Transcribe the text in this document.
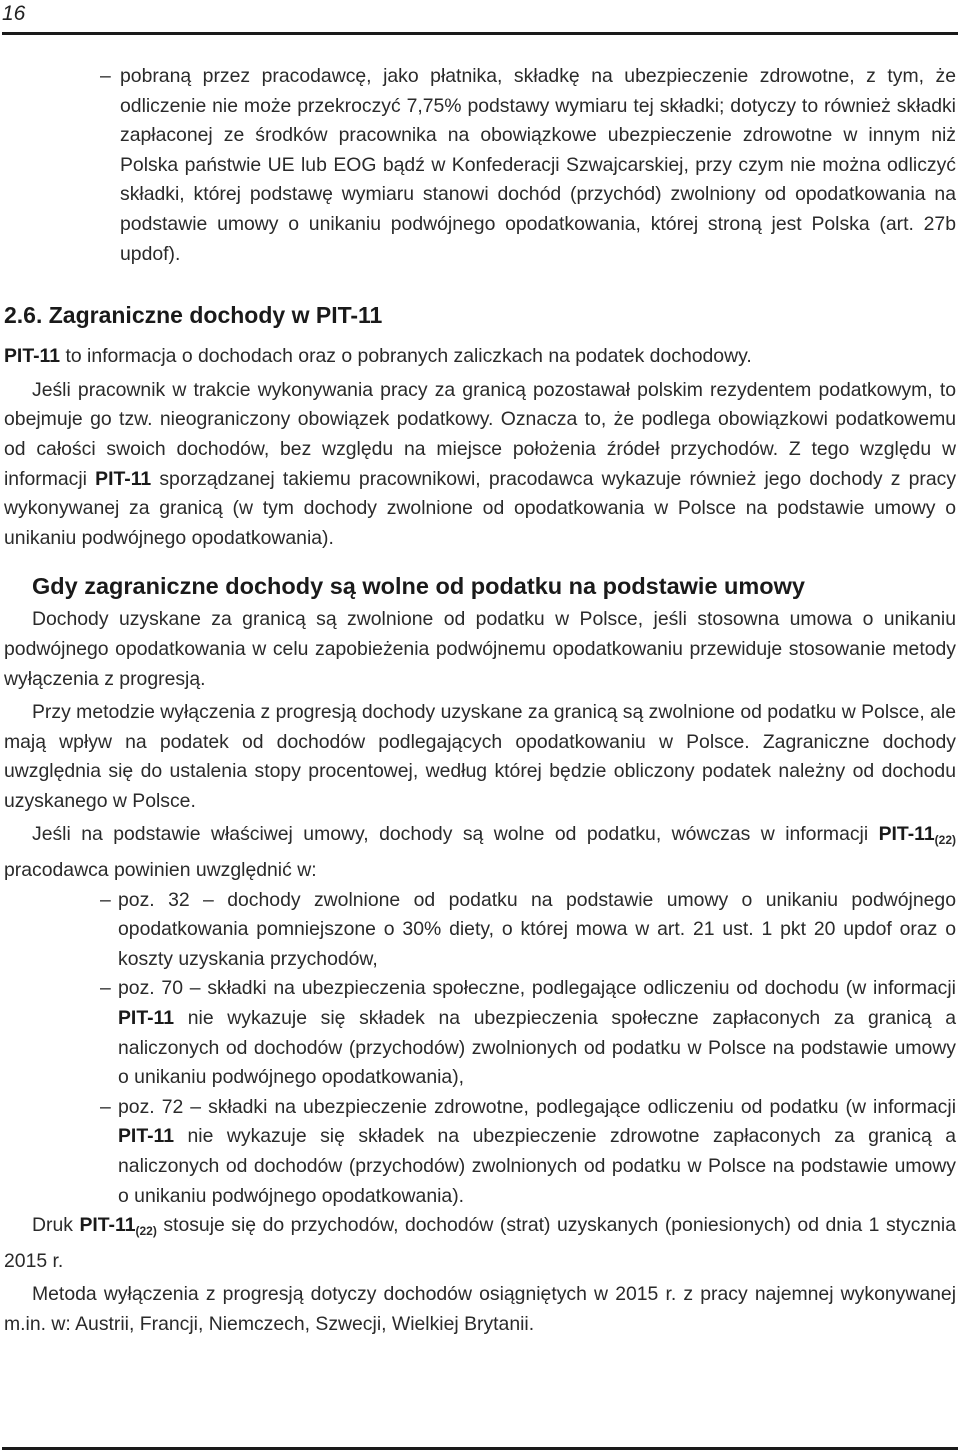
16

– pobraną przez pracodawcę, jako płatnika, składkę na ubezpieczenie zdrowotne, z tym, że odliczenie nie może przekroczyć 7,75% podstawy wymiaru tej składki; dotyczy to również składki zapłaconej ze środków pracownika na obowiązkowe ubezpieczenie zdrowotne w innym niż Polska państwie UE lub EOG bądź w Konfederacji Szwajcarskiej, przy czym nie można odliczyć składki, której podstawę wymiaru stanowi dochód (przychód) zwolniony od opodatkowania na podstawie umowy o unikaniu podwójnego opodatkowania, której stroną jest Polska (art. 27b updof).

2.6. Zagraniczne dochody w PIT-11

PIT-11 to informacja o dochodach oraz o pobranych zaliczkach na podatek dochodowy.

Jeśli pracownik w trakcie wykonywania pracy za granicą pozostawał polskim rezydentem podatkowym, to obejmuje go tzw. nieograniczony obowiązek podatkowy. Oznacza to, że podlega obowiązkowi podatkowemu od całości swoich dochodów, bez względu na miejsce położenia źródeł przychodów. Z tego względu w informacji PIT-11 sporządzanej takiemu pracownikowi, pracodawca wykazuje również jego dochody z pracy wykonywanej za granicą (w tym dochody zwolnione od opodatkowania w Polsce na podstawie umowy o unikaniu podwójnego opodatkowania).

Gdy zagraniczne dochody są wolne od podatku na podstawie umowy

Dochody uzyskane za granicą są zwolnione od podatku w Polsce, jeśli stosowna umowa o unikaniu podwójnego opodatkowania w celu zapobieżenia podwójnemu opodatkowaniu przewiduje stosowanie metody wyłączenia z progresją.

Przy metodzie wyłączenia z progresją dochody uzyskane za granicą są zwolnione od podatku w Polsce, ale mają wpływ na podatek od dochodów podlegających opodatkowaniu w Polsce. Zagraniczne dochody uwzględnia się do ustalenia stopy procentowej, według której będzie obliczony podatek należny od dochodu uzyskanego w Polsce.

Jeśli na podstawie właściwej umowy, dochody są wolne od podatku, wówczas w informacji PIT-$11_{(22)}$ pracodawca powinien uwzględnić w:

– poz. 32 – dochody zwolnione od podatku na podstawie umowy o unikaniu podwójnego opodatkowania pomniejszone o 30% diety, o której mowa w art. 21 ust. 1 pkt 20 updof oraz o koszty uzyskania przychodów,

– poz. 70 – składki na ubezpieczenia społeczne, podlegające odliczeniu od dochodu (w informacji PIT-11 nie wykazuje się składek na ubezpieczenia społeczne zapłaconych za granicą a naliczonych od dochodów (przychodów) zwolnionych od podatku w Polsce na podstawie umowy o unikaniu podwójnego opodatkowania),

– poz. 72 – składki na ubezpieczenie zdrowotne, podlegające odliczeniu od podatku (w informacji PIT-11 nie wykazuje się składek na ubezpieczenie zdrowotne zapłaconych za granicą a naliczonych od dochodów (przychodów) zwolnionych od podatku w Polsce na podstawie umowy o unikaniu podwójnego opodatkowania).

Druk PIT-$11_{(22)}$ stosuje się do przychodów, dochodów (strat) uzyskanych (poniesionych) od dnia 1 stycznia 2015 r.

Metoda wyłączenia z progresją dotyczy dochodów osiągniętych w 2015 r. z pracy najemnej wykonywanej m.in. w: Austrii, Francji, Niemczech, Szwecji, Wielkiej Brytanii.
